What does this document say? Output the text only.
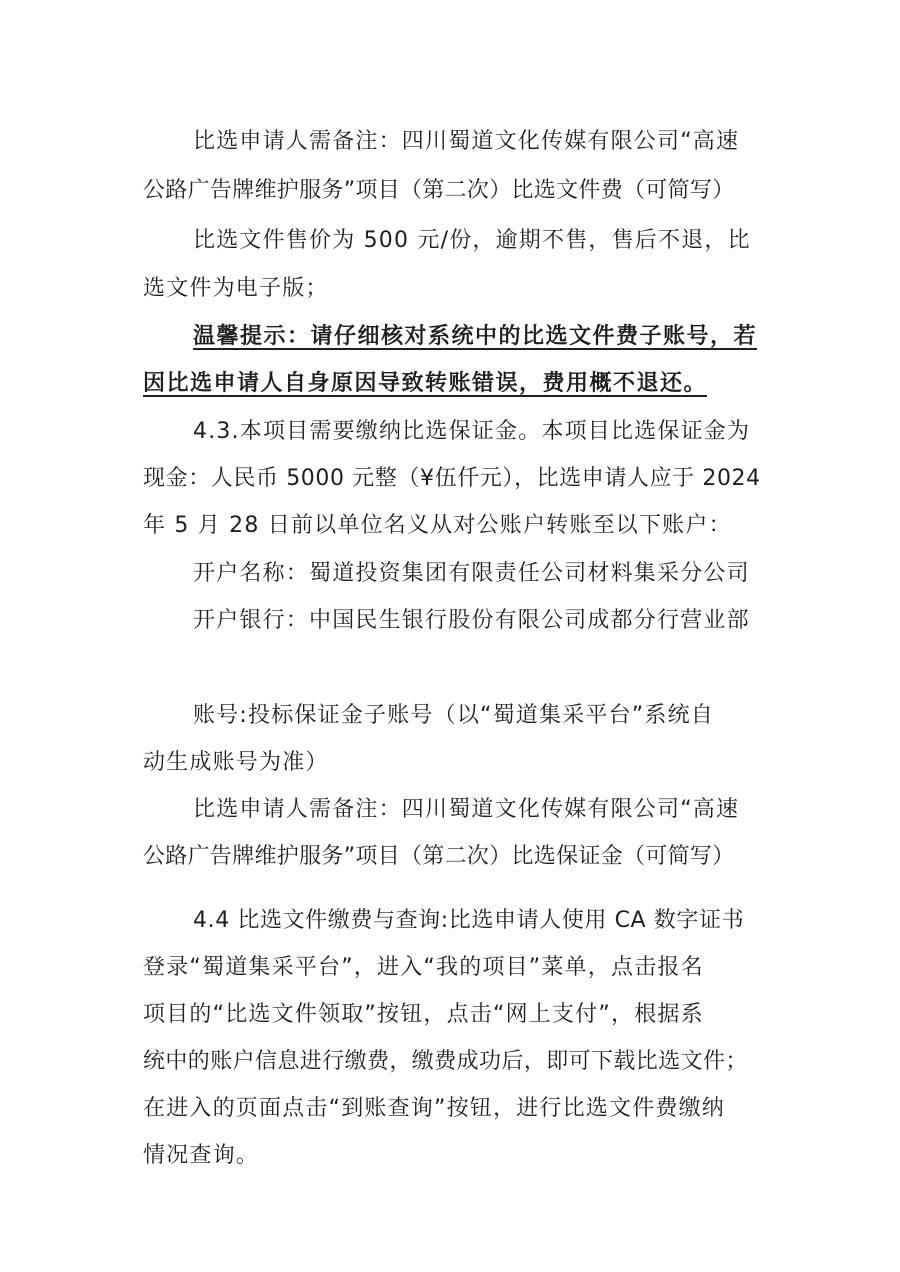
比选申请人需备注：四川蜀道文化传媒有限公司“高速
公路广告牌维护服务”项目（第二次）比选文件费（可简写）
比选文件售价为 500 元/份，逾期不售，售后不退，比
选文件为电子版；
温馨提示：请仔细核对系统中的比选文件费子账号，若
因比选申请人自身原因导致转账错误，费用概不退还。
4.3.本项目需要缴纳比选保证金。本项目比选保证金为
现金：人民币 5000 元整（¥伍仟元），比选申请人应于 2024
年 5 月 28 日前以单位名义从对公账户转账至以下账户：
开户名称：蜀道投资集团有限责任公司材料集采分公司
开户银行：中国民生银行股份有限公司成都分行营业部
账号:投标保证金子账号（以“蜀道集采平台”系统自
动生成账号为准）
比选申请人需备注：四川蜀道文化传媒有限公司“高速
公路广告牌维护服务”项目（第二次）比选保证金（可简写）
4.4 比选文件缴费与查询:比选申请人使用 CA 数字证书
登录“蜀道集采平台”，进入“我的项目”菜单，点击报名
项目的“比选文件领取”按钮，点击“网上支付”，根据系
统中的账户信息进行缴费，缴费成功后，即可下载比选文件；
在进入的页面点击“到账查询”按钮，进行比选文件费缴纳
情况查询。
